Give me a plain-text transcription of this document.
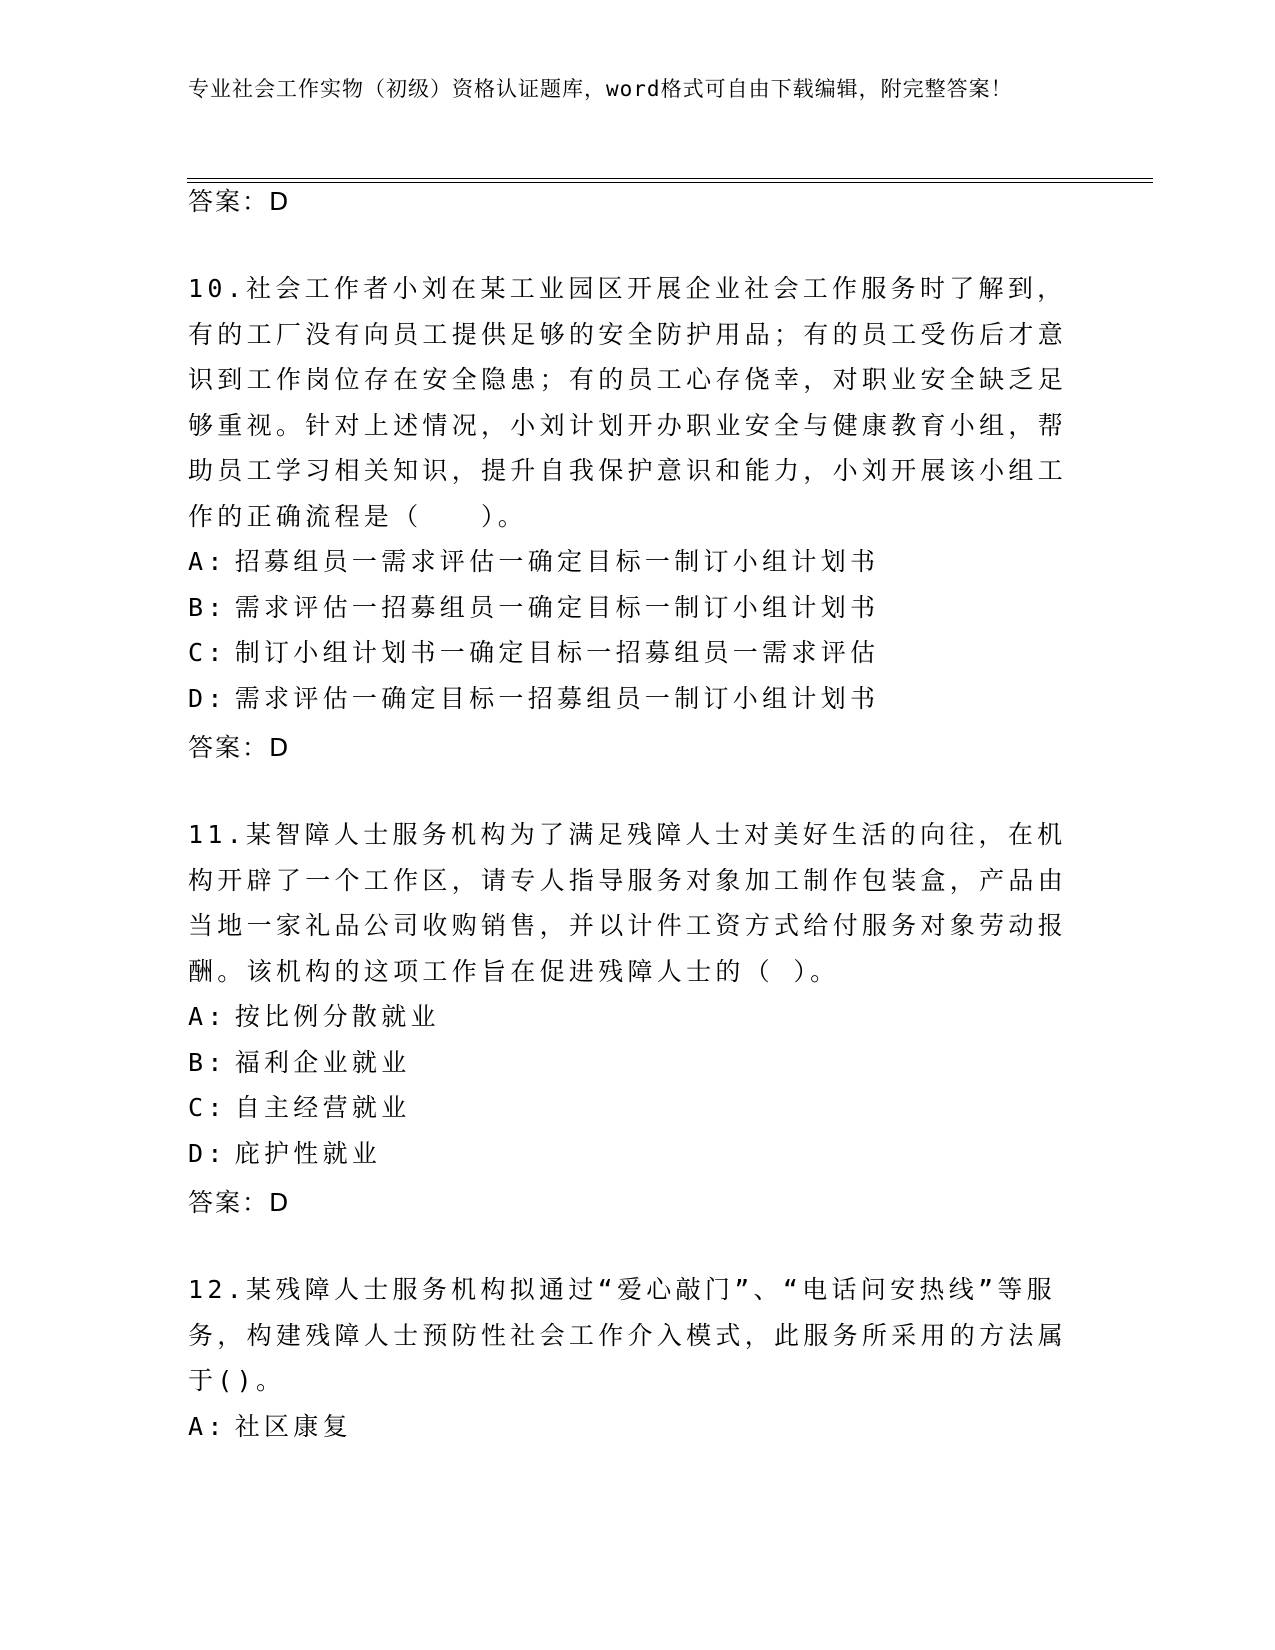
专业社会工作实物（初级）资格认证题库，word格式可自由下载编辑，附完整答案！
答案：D

10.社会工作者小刘在某工业园区开展企业社会工作服务时了解到，有的工厂没有向员工提供足够的安全防护用品；有的员工受伤后才意识到工作岗位存在安全隐患；有的员工心存侥幸，对职业安全缺乏足够重视。针对上述情况，小刘计划开办职业安全与健康教育小组，帮助员工学习相关知识，提升自我保护意识和能力，小刘开展该小组工作的正确流程是（　　）。

A: 招募组员一需求评估一确定目标一制订小组计划书
B: 需求评估一招募组员一确定目标一制订小组计划书
C: 制订小组计划书一确定目标一招募组员一需求评估
D: 需求评估一确定目标一招募组员一制订小组计划书
答案：D

11.某智障人士服务机构为了满足残障人士对美好生活的向往，在机构开辟了一个工作区，请专人指导服务对象加工制作包装盒，产品由当地一家礼品公司收购销售，并以计件工资方式给付服务对象劳动报酬。该机构的这项工作旨在促进残障人士的（ ）。

A: 按比例分散就业
B: 福利企业就业
C: 自主经营就业
D: 庇护性就业
答案：D

12.某残障人士服务机构拟通过“爱心敲门”、“电话问安热线”等服务，构建残障人士预防性社会工作介入模式，此服务所采用的方法属于()。

A: 社区康复
